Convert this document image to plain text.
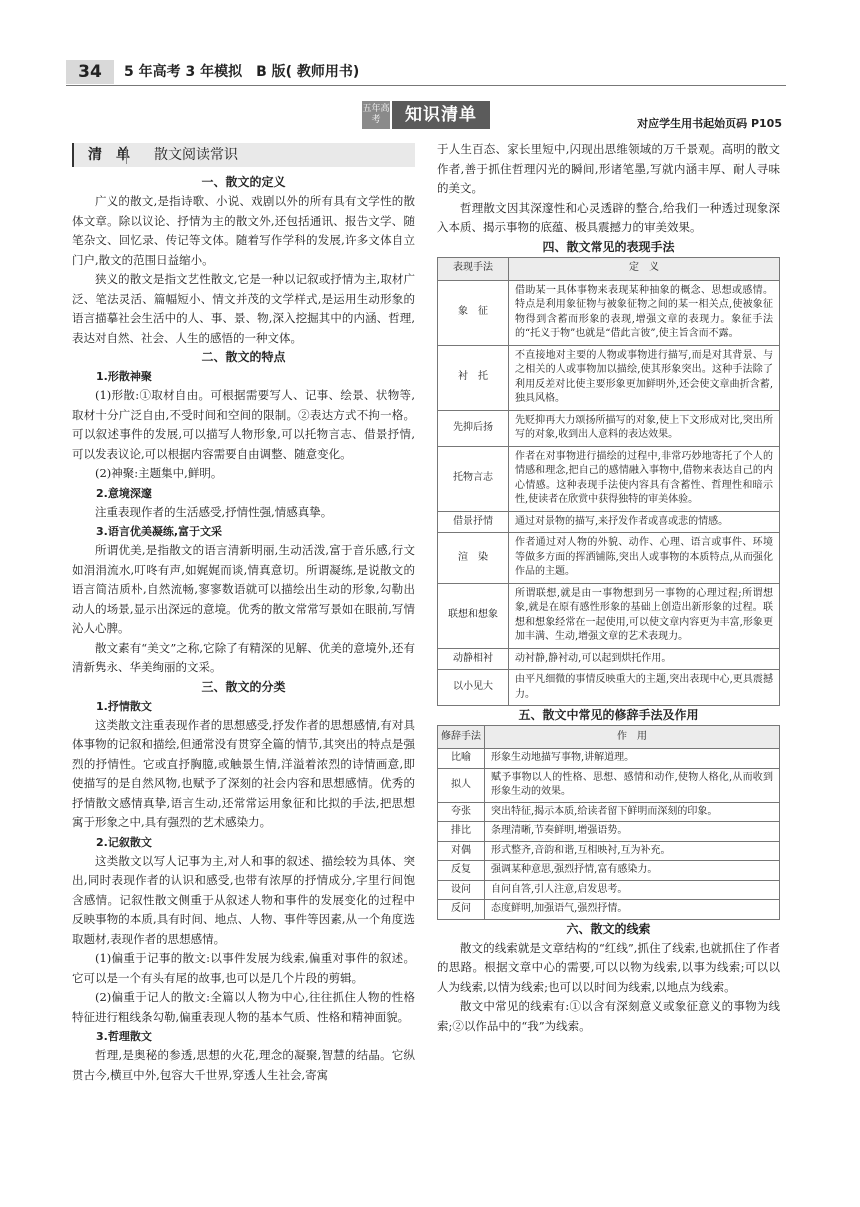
34	5 年高考 3 年模拟　B 版( 教师用书)
五年高考	知识清单	对应学生用书起始页码 P105
清　单 散文阅读常识
一、散文的定义

广义的散文,是指诗歌、小说、戏剧以外的所有具有文学性的散体文章。除以议论、抒情为主的散文外,还包括通讯、报告文学、随笔杂文、回忆录、传记等文体。随着写作学科的发展,许多文体自立门户,散文的范围日益缩小。

狭义的散文是指文艺性散文,它是一种以记叙或抒情为主,取材广泛、笔法灵活、篇幅短小、情文并茂的文学样式,是运用生动形象的语言描摹社会生活中的人、事、景、物,深入挖掘其中的内涵、哲理,表达对自然、社会、人生的感悟的一种文体。

二、散文的特点
1.形散神聚

(1)形散:①取材自由。可根据需要写人、记事、绘景、状物等,取材十分广泛自由,不受时间和空间的限制。②表达方式不拘一格。可以叙述事件的发展,可以描写人物形象,可以托物言志、借景抒情,可以发表议论,可以根据内容需要自由调整、随意变化。

(2)神聚:主题集中,鲜明。

2.意境深邃

注重表现作者的生活感受,抒情性强,情感真挚。

3.语言优美凝练,富于文采

所谓优美,是指散文的语言清新明丽,生动活泼,富于音乐感,行文如涓涓流水,叮咚有声,如娓娓而谈,情真意切。所谓凝练,是说散文的语言简洁质朴,自然流畅,寥寥数语就可以描绘出生动的形象,勾勒出动人的场景,显示出深远的意境。优秀的散文常常写景如在眼前,写情沁人心脾。

散文素有“美文”之称,它除了有精深的见解、优美的意境外,还有清新隽永、华美绚丽的文采。

三、散文的分类
1.抒情散文

这类散文注重表现作者的思想感受,抒发作者的思想感情,有对具体事物的记叙和描绘,但通常没有贯穿全篇的情节,其突出的特点是强烈的抒情性。它或直抒胸臆,或触景生情,洋溢着浓烈的诗情画意,即使描写的是自然风物,也赋予了深刻的社会内容和思想感情。优秀的抒情散文感情真挚,语言生动,还常常运用象征和比拟的手法,把思想寓于形象之中,具有强烈的艺术感染力。

2.记叙散文

这类散文以写人记事为主,对人和事的叙述、描绘较为具体、突出,同时表现作者的认识和感受,也带有浓厚的抒情成分,字里行间饱含感情。记叙性散文侧重于从叙述人物和事件的发展变化的过程中反映事物的本质,具有时间、地点、人物、事件等因素,从一个角度选取题材,表现作者的思想感情。

(1)偏重于记事的散文:以事件发展为线索,偏重对事件的叙述。它可以是一个有头有尾的故事,也可以是几个片段的剪辑。

(2)偏重于记人的散文:全篇以人物为中心,往往抓住人物的性格特征进行粗线条勾勒,偏重表现人物的基本气质、性格和精神面貌。

3.哲理散文

哲理,是奥秘的参透,思想的火花,理念的凝聚,智慧的结晶。它纵贯古今,横亘中外,包容大千世界,穿透人生社会,寄寓

于人生百态、家长里短中,闪现出思维领域的万千景观。高明的散文作者,善于抓住哲理闪光的瞬间,形诸笔墨,写就内涵丰厚、耐人寻味的美文。

哲理散文因其深邃性和心灵透辟的整合,给我们一种透过现象深入本质、揭示事物的底蕴、极具震撼力的审美效果。

四、散文常见的表现手法
表现手法	定　义
象　征	借助某一具体事物来表现某种抽象的概念、思想或感情。特点是利用象征物与被象征物之间的某一相关点,使被象征物得到含蓄而形象的表现,增强文章的表现力。象征手法的“托义于物”也就是“借此言彼”,使主旨含而不露。
衬　托	不直接地对主要的人物或事物进行描写,而是对其背景、与之相关的人或事物加以描绘,使其形象突出。这种手法除了利用反差对比使主要形象更加鲜明外,还会使文章曲折含蓄,独具风格。
先抑后扬	先贬抑再大力颂扬所描写的对象,使上下文形成对比,突出所写的对象,收到出人意料的表达效果。
托物言志	作者在对事物进行描绘的过程中,非常巧妙地寄托了个人的情感和理念,把自己的感情融入事物中,借物来表达自己的内心情感。这种表现手法使内容具有含蓄性、哲理性和暗示性,使读者在欣赏中获得独特的审美体验。
借景抒情	通过对景物的描写,来抒发作者或喜或悲的情感。
渲　染	作者通过对人物的外貌、动作、心理、语言或事件、环境等做多方面的挥洒铺陈,突出人或事物的本质特点,从而强化作品的主题。
联想和想象	所谓联想,就是由一事物想到另一事物的心理过程;所谓想象,就是在原有感性形象的基础上创造出新形象的过程。联想和想象经常在一起使用,可以使文章内容更为丰富,形象更加丰满、生动,增强文章的艺术表现力。
动静相衬	动衬静,静衬动,可以起到烘托作用。
以小见大	由平凡细微的事情反映重大的主题,突出表现中心,更具震撼力。
五、散文中常见的修辞手法及作用
修辞手法	作　用
比喻	形象生动地描写事物,讲解道理。
拟人	赋予事物以人的性格、思想、感情和动作,使物人格化,从而收到形象生动的效果。
夸张	突出特征,揭示本质,给读者留下鲜明而深刻的印象。
排比	条理清晰,节奏鲜明,增强语势。
对偶	形式整齐,音韵和谐,互相映衬,互为补充。
反复	强调某种意思,强烈抒情,富有感染力。
设问	自问自答,引人注意,启发思考。
反问	态度鲜明,加强语气,强烈抒情。
六、散文的线索

散文的线索就是文章结构的“红线”,抓住了线索,也就抓住了作者的思路。根据文章中心的需要,可以以物为线索,以事为线索;可以以人为线索,以情为线索;也可以以时间为线索,以地点为线索。

散文中常见的线索有:①以含有深刻意义或象征意义的事物为线索;②以作品中的“我”为线索。
